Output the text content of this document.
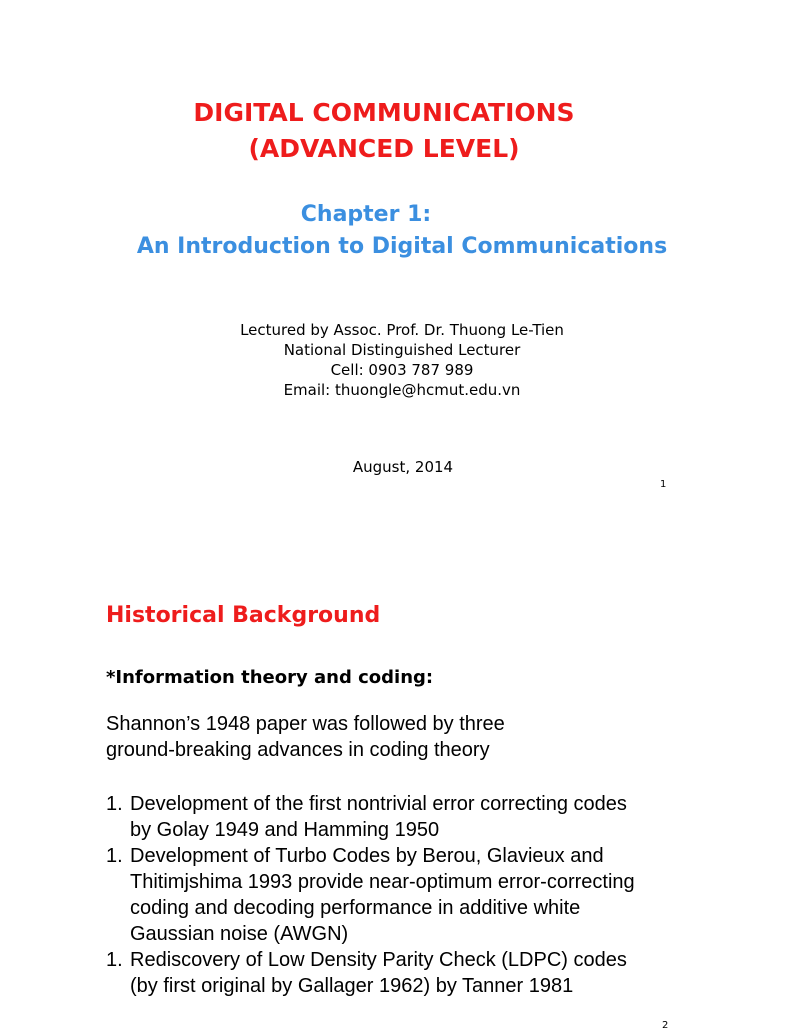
DIGITAL COMMUNICATIONS
(ADVANCED LEVEL)
Chapter 1:
An Introduction to Digital Communications
Lectured by Assoc. Prof. Dr. Thuong Le-Tien
National Distinguished Lecturer
Cell: 0903 787 989
Email: thuongle@hcmut.edu.vn
August, 2014
1
Historical Background
*Information theory and coding:
Shannon’s 1948 paper was followed by three
ground-breaking advances in coding theory
1. Development of the first nontrivial error correcting codes
by Golay 1949 and Hamming 1950
1. Development of Turbo Codes by Berou, Glavieux and
Thitimjshima 1993 provide near-optimum error-correcting
coding and decoding performance in additive white
Gaussian noise (AWGN)
1. Rediscovery of Low Density Parity Check (LDPC) codes
(by first original by Gallager 1962) by Tanner 1981
2
